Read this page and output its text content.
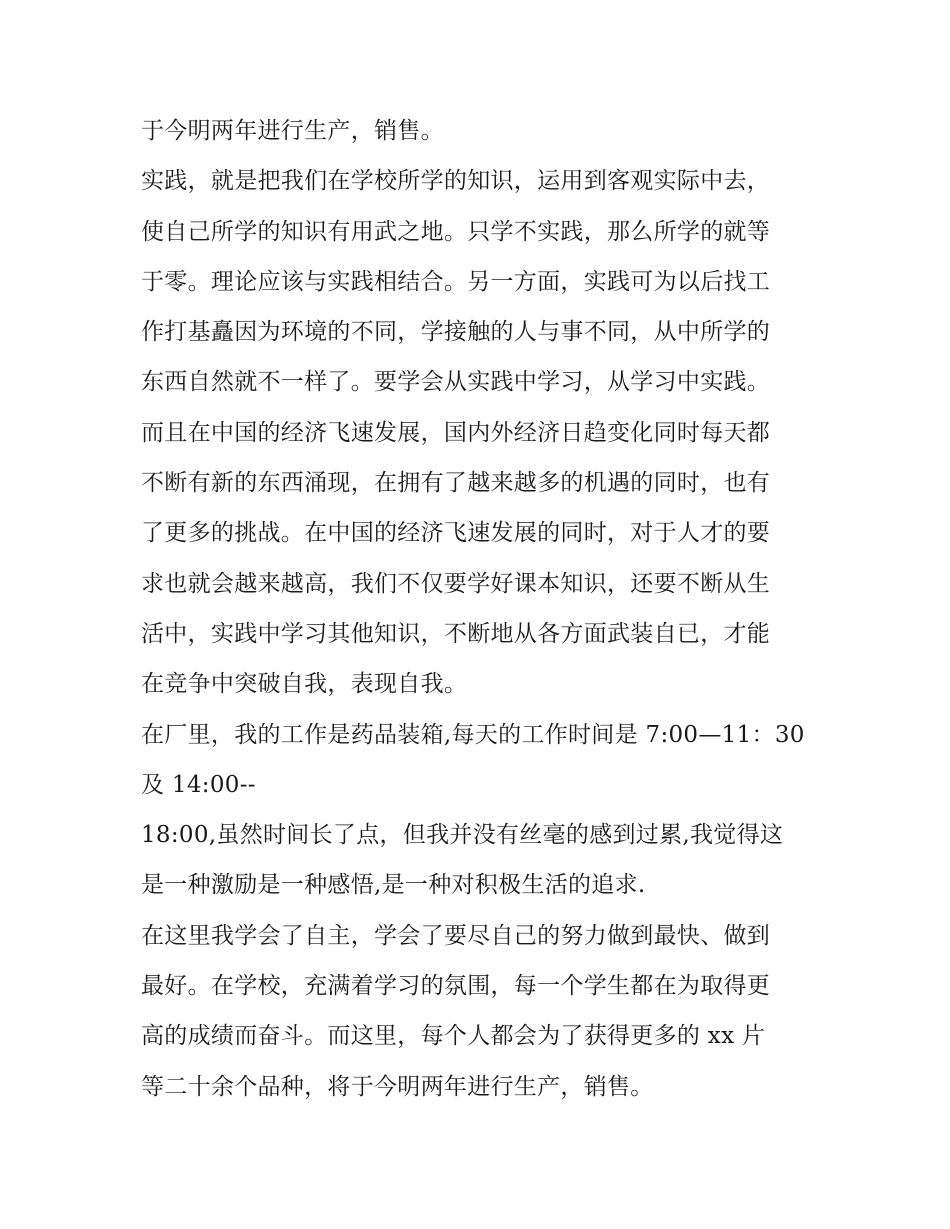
于今明两年进行生产，销售。
实践，就是把我们在学校所学的知识，运用到客观实际中去，
使自己所学的知识有用武之地。只学不实践，那么所学的就等
于零。理论应该与实践相结合。另一方面，实践可为以后找工
作打基矗因为环境的不同，学接触的人与事不同，从中所学的
东西自然就不一样了。要学会从实践中学习，从学习中实践。
而且在中国的经济飞速发展，国内外经济日趋变化同时每天都
不断有新的东西涌现，在拥有了越来越多的机遇的同时，也有
了更多的挑战。在中国的经济飞速发展的同时，对于人才的要
求也就会越来越高，我们不仅要学好课本知识，还要不断从生
活中，实践中学习其他知识，不断地从各方面武装自已，才能
在竞争中突破自我，表现自我。
在厂里，我的工作是药品装箱,每天的工作时间是 7:00—11：30
及 14:00--
18:00,虽然时间长了点，但我并没有丝毫的感到过累,我觉得这
是一种激励是一种感悟,是一种对积极生活的追求.
在这里我学会了自主，学会了要尽自己的努力做到最快、做到
最好。在学校，充满着学习的氛围，每一个学生都在为取得更
高的成绩而奋斗。而这里，每个人都会为了获得更多的 xx 片
等二十余个品种，将于今明两年进行生产，销售。
